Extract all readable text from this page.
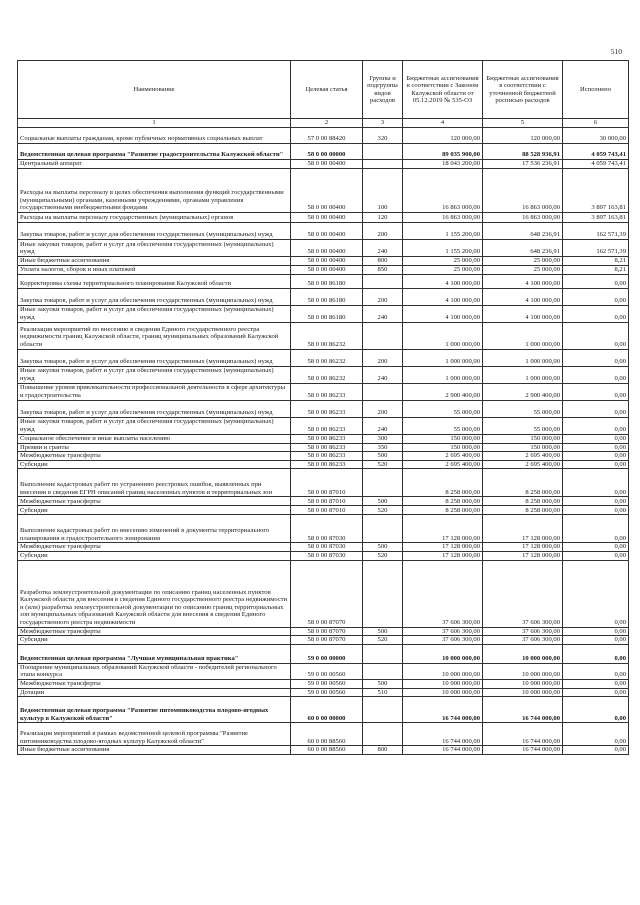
510
Наименование	Целевая статья	Группы и подгруппы видов расходов	Бюджетные ассигнования в соответствии с Законом Калужской области от 05.12.2019 № 535-ОЗ	Бюджетные ассигнования в соответствии с уточненной бюджетной росписью расходов	Исполнено
1	2	3	4	5	6
Социальные выплаты гражданам, кроме публичных нормативных социальных выплат	57 0 00 88420	320	120 000,00	120 000,00	30 000,00
Ведомственная целевая программа "Развитие градостроительства Калужской области"	58 0 00 00000		89 035 900,00	88 528 936,91	4 059 743,41
Центральный аппарат	58 0 00 00400		18 043 200,00	17 536 236,91	4 059 743,41
Расходы на выплаты персоналу в целях обеспечения выполнения функций государственными (муниципальными) органами, казенными учреждениями, органами управления государственными внебюджетными фондами	58 0 00 00400	100	16 863 000,00	16 863 000,00	3 897 163,81
Расходы на выплаты персоналу государственных (муниципальных) органов	58 0 00 00400	120	16 863 000,00	16 863 000,00	3 897 163,81
Закупка товаров, работ и услуг для обеспечения государственных (муниципальных) нужд	58 0 00 00400	200	1 155 200,00	648 236,91	162 571,39
Иные закупки товаров, работ и услуг для обеспечения государственных (муниципальных) нужд	58 0 00 00400	240	1 155 200,00	648 236,91	162 571,39
Иные бюджетные ассигнования	58 0 00 00400	800	25 000,00	25 000,00	8,21
Уплата налогов, сборов и иных платежей	58 0 00 00400	850	25 000,00	25 000,00	8,21
Корректировка схемы территориального планирования Калужской области	58 0 00 86180		4 100 000,00	4 100 000,00	0,00
Закупка товаров, работ и услуг для обеспечения государственных (муниципальных) нужд	58 0 00 86180	200	4 100 000,00	4 100 000,00	0,00
Иные закупки товаров, работ и услуг для обеспечения государственных (муниципальных) нужд	58 0 00 86180	240	4 100 000,00	4 100 000,00	0,00
Реализация мероприятий по внесению в сведения Единого государственного реестра недвижимости границ Калужской области, границ муниципальных образований Калужской области	58 0 00 86232		1 000 000,00	1 000 000,00	0,00
Закупка товаров, работ и услуг для обеспечения государственных (муниципальных) нужд	58 0 00 86232	200	1 000 000,00	1 000 000,00	0,00
Иные закупки товаров, работ и услуг для обеспечения государственных (муниципальных) нужд	58 0 00 86232	240	1 000 000,00	1 000 000,00	0,00
Повышение уровня привлекательности профессиональной деятельности в сфере архитектуры и градостроительства	58 0 00 86233		2 900 400,00	2 900 400,00	0,00
Закупка товаров, работ и услуг для обеспечения государственных (муниципальных) нужд	58 0 00 86233	200	55 000,00	55 000,00	0,00
Иные закупки товаров, работ и услуг для обеспечения государственных (муниципальных) нужд	58 0 00 86233	240	55 000,00	55 000,00	0,00
Социальное обеспечение и иные выплаты населению	58 0 00 86233	300	150 000,00	150 000,00	0,00
Премии и гранты	58 0 00 86233	350	150 000,00	150 000,00	0,00
Межбюджетные трансферты	58 0 00 86233	500	2 695 400,00	2 695 400,00	0,00
Субсидии	58 0 00 86233	520	2 695 400,00	2 695 400,00	0,00
Выполнение кадастровых работ по устранению реестровых ошибок, выявленных при внесении в сведения ЕГРН описаний границ населенных пунктов и территориальных зон	58 0 00 87010		8 258 000,00	8 258 000,00	0,00
Межбюджетные трансферты	58 0 00 87010	500	8 258 000,00	8 258 000,00	0,00
Субсидии	58 0 00 87010	520	8 258 000,00	8 258 000,00	0,00
Выполнение кадастровых работ по внесению изменений в документы территориального планирования и градостроительного зонирования	58 0 00 87030		17 128 000,00	17 128 000,00	0,00
Межбюджетные трансферты	58 0 00 87030	500	17 128 000,00	17 128 000,00	0,00
Субсидии	58 0 00 87030	520	17 128 000,00	17 128 000,00	0,00
Разработка землеустроительной документации по описанию границ населенных пунктов Калужской области для внесения в сведения Единого государственного реестра недвижимости и (или) разработка землеустроительной документации по описанию границ территориальных зон муниципальных образований Калужской области для внесения в сведения Единого государственного реестра недвижимости	58 0 00 87070		37 606 300,00	37 606 300,00	0,00
Межбюджетные трансферты	58 0 00 87070	500	37 606 300,00	37 606 300,00	0,00
Субсидии	58 0 00 87070	520	37 606 300,00	37 606 300,00	0,00
Ведомственная целевая программа "Лучшая муниципальная практика"	59 0 00 00000		10 000 000,00	10 000 000,00	0,00
Поощрение муниципальных образований Калужской области - победителей регионального этапа конкурса	59 0 00 00560		10 000 000,00	10 000 000,00	0,00
Межбюджетные трансферты	59 0 00 00560	500	10 000 000,00	10 000 000,00	0,00
Дотации	59 0 00 00560	510	10 000 000,00	10 000 000,00	0,00
Ведомственная целевая программа "Развитие питомниководства плодово-ягодных культур в Калужской области"	60 0 00 00000		16 744 000,00	16 744 000,00	0,00
Реализация мероприятий в рамках ведомственной целевой программы "Развитие питомниководства плодово-ягодных культур Калужской области"	60 0 00 88560		16 744 000,00	16 744 000,00	0,00
Иные бюджетные ассигнования	60 0 00 88560	800	16 744 000,00	16 744 000,00	0,00
